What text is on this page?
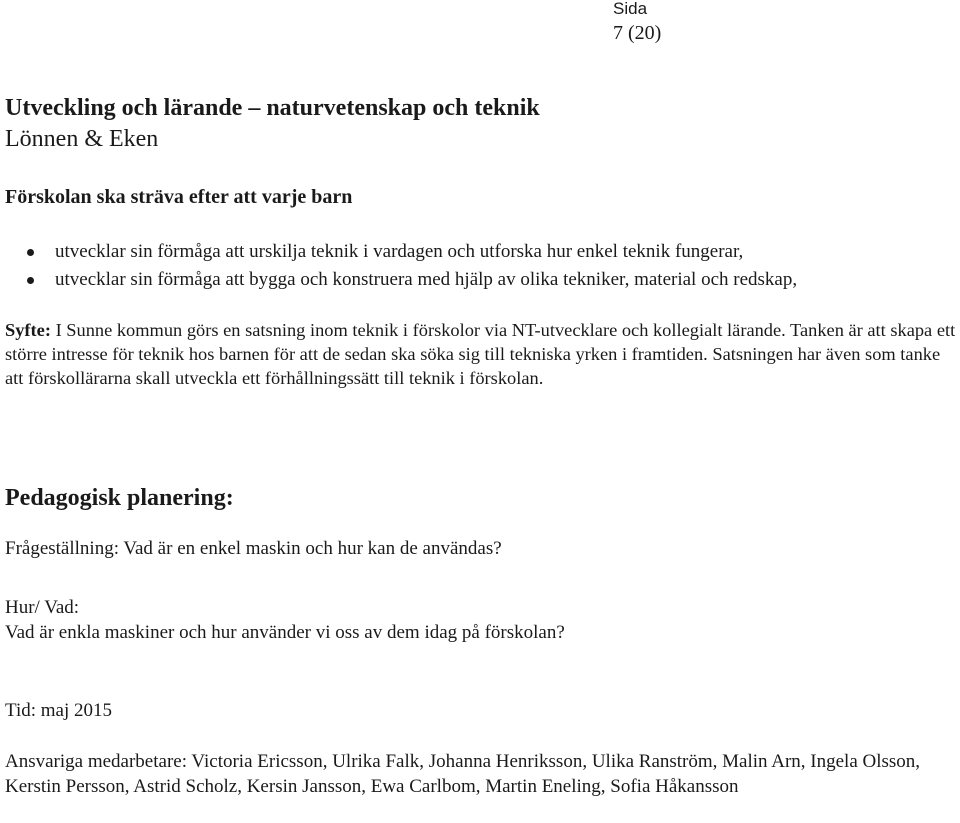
Sida
7 (20)
Utveckling och lärande – naturvetenskap och teknik
Lönnen & Eken
Förskolan ska sträva efter att varje barn
utvecklar sin förmåga att urskilja teknik i vardagen och utforska hur enkel teknik fungerar,
utvecklar sin förmåga att bygga och konstruera med hjälp av olika tekniker, material och redskap,
Syfte: I Sunne kommun görs en satsning inom teknik i förskolor via NT-utvecklare och kollegialt lärande. Tanken är att skapa ett större intresse för teknik hos barnen för att de sedan ska söka sig till tekniska yrken i framtiden. Satsningen har även som tanke att förskollärarna skall utveckla ett förhållningssätt till teknik i förskolan.
Pedagogisk planering:
Frågeställning: Vad är en enkel maskin och hur kan de användas?
Hur/ Vad:
Vad är enkla maskiner och hur använder vi oss av dem idag på förskolan?
Tid: maj 2015
Ansvariga medarbetare: Victoria Ericsson, Ulrika Falk, Johanna Henriksson, Ulika Ranström, Malin Arn, Ingela Olsson, Kerstin Persson, Astrid Scholz, Kersin Jansson, Ewa Carlbom, Martin Eneling, Sofia Håkansson
